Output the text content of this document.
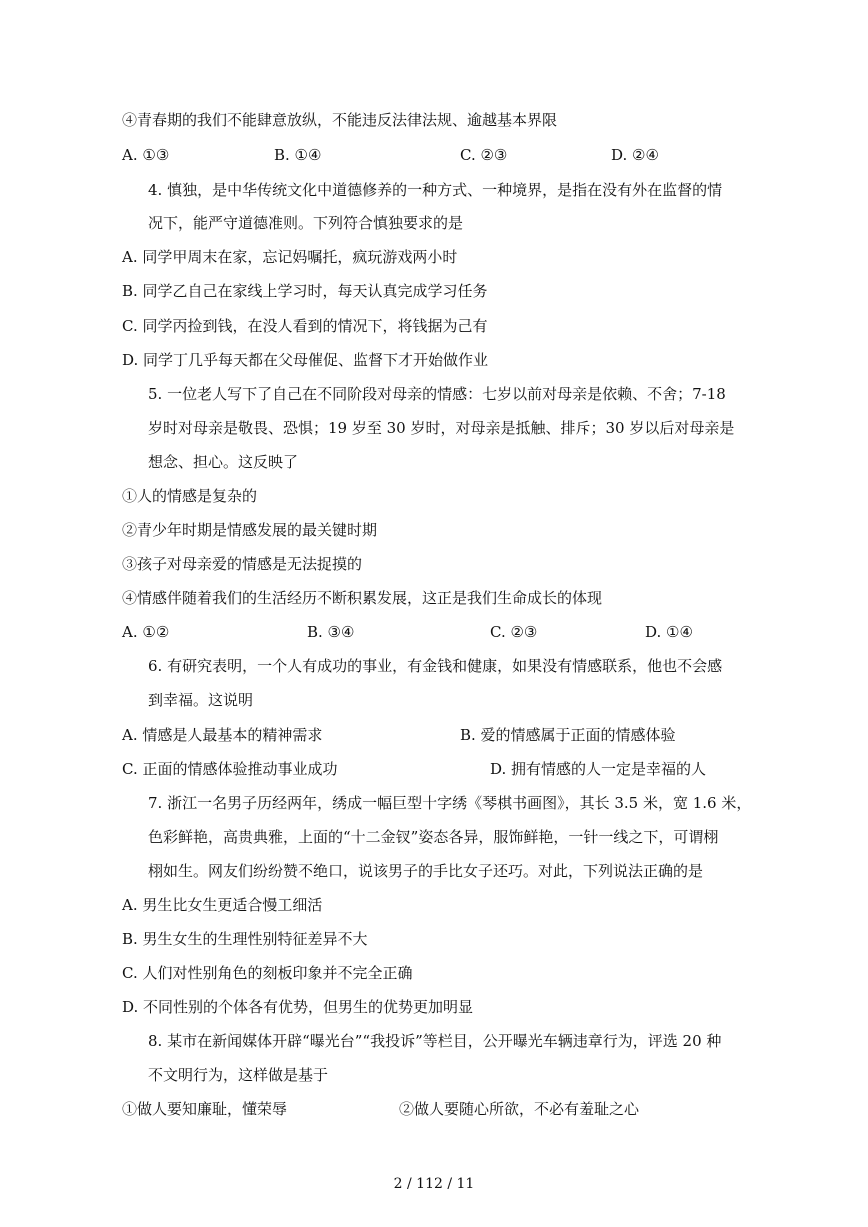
④青春期的我们不能肆意放纵，不能违反法律法规、逾越基本界限
A. ①③	B. ①④	C. ②③	D. ②④
4. 慎独，是中华传统文化中道德修养的一种方式、一种境界，是指在没有外在监督的情
况下，能严守道德准则。下列符合慎独要求的是
A. 同学甲周末在家，忘记妈嘱托，疯玩游戏两小时
B. 同学乙自己在家线上学习时，每天认真完成学习任务
C. 同学丙捡到钱，在没人看到的情况下，将钱据为己有
D. 同学丁几乎每天都在父母催促、监督下才开始做作业
5. 一位老人写下了自己在不同阶段对母亲的情感：七岁以前对母亲是依赖、不舍；7-18
岁时对母亲是敬畏、恐惧；19 岁至 30 岁时，对母亲是抵触、排斥；30 岁以后对母亲是
想念、担心。这反映了
①人的情感是复杂的
②青少年时期是情感发展的最关键时期
③孩子对母亲爱的情感是无法捉摸的
④情感伴随着我们的生活经历不断积累发展，这正是我们生命成长的体现
A. ①②	B. ③④	C. ②③	D. ①④
6. 有研究表明，一个人有成功的事业，有金钱和健康，如果没有情感联系，他也不会感
到幸福。这说明
A. 情感是人最基本的精神需求	B. 爱的情感属于正面的情感体验
C. 正面的情感体验推动事业成功	D. 拥有情感的人一定是幸福的人
7. 浙江一名男子历经两年，绣成一幅巨型十字绣《琴棋书画图》，其长 3.5 米，宽 1.6 米，
色彩鲜艳，高贵典雅，上面的“十二金钗”姿态各异，服饰鲜艳，一针一线之下，可谓栩
栩如生。网友们纷纷赞不绝口，说该男子的手比女子还巧。对此，下列说法正确的是
A. 男生比女生更适合慢工细活
B. 男生女生的生理性别特征差异不大
C. 人们对性别角色的刻板印象并不完全正确
D. 不同性别的个体各有优势，但男生的优势更加明显
8. 某市在新闻媒体开辟“曝光台”“我投诉”等栏目，公开曝光车辆违章行为，评选 20 种
不文明行为，这样做是基于
①做人要知廉耻，懂荣辱	②做人要随心所欲，不必有羞耻之心
2 / 112 / 11
